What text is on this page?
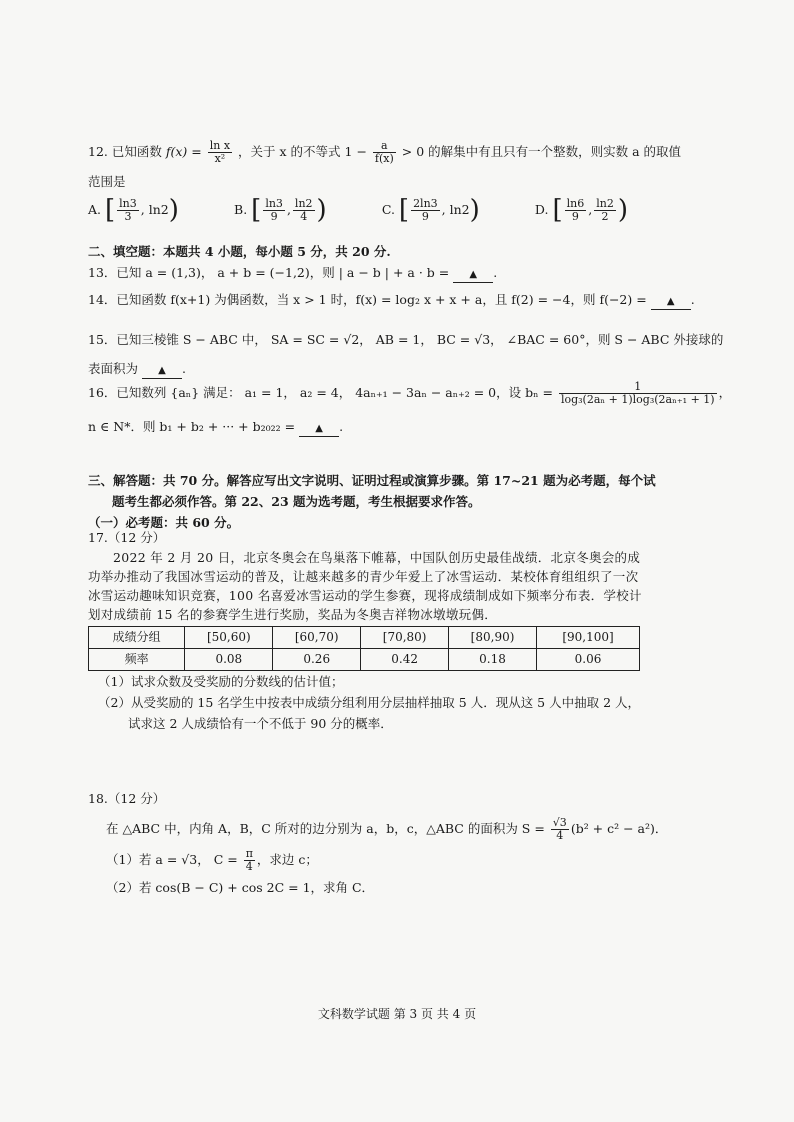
12. 已知函数 $f(x) = \frac{\text{ln x}}{\text{x²}}$ ，关于 x 的不等式 $1 - \frac{a}{f(x)} > 0$ 的解集中有且只有一个整数，则实数 a 的取值
范围是
A. [ $\frac{\ln 3}{3}$ , ln2)	B. [ $\frac{\ln 3}{9}$ , $\frac{\ln 2}{4}$ )	C. [ $\frac{2\ln 3}{9}$ , ln2)	D. [ $\frac{\ln 6}{9}$ , $\frac{\ln 2}{2}$ )
二、填空题：本题共 4 小题，每小题 5 分，共 20 分.
13．已知 a = (1,3)， a + b = (−1,2)，则 | a − b | + a · b = ▲ .
14．已知函数 f(x+1) 为偶函数，当 x > 1 时，f(x) = log₂ x + x + a，且 f(2) = −4，则 f(−2) = ▲ .
15．已知三棱锥 S − ABC 中， SA = SC = √2， AB = 1， BC = √3， ∠BAC = 60°，则 S − ABC 外接球的
表面积为 ▲ .
16．已知数列 {aₙ} 满足： a₁ = 1， a₂ = 4， 4aₙ₊₁ − 3aₙ − aₙ₊₂ = 0，设 $b_n = \frac{1}{\text{log₃(2aₙ + 1)log₃(2aₙ₊₁ + 1)}}$ ，
n ∈ N*．则 b₁ + b₂ + ··· + b₂₀₂₂ = ▲ .
三、解答题：共 70 分。解答应写出文字说明、证明过程或演算步骤。第 17~21 题为必考题，每个试
题考生都必须作答。第 22、23 题为选考题，考生根据要求作答。
（一）必考题：共 60 分。
17.（12 分）
2022 年 2 月 20 日，北京冬奥会在鸟巢落下帷幕，中国队创历史最佳战绩．北京冬奥会的成功举办推动了我国冰雪运动的普及，让越来越多的青少年爱上了冰雪运动．某校体育组组织了一次冰雪运动趣味知识竞赛，100 名喜爱冰雪运动的学生参赛，现将成绩制成如下频率分布表．学校计划对成绩前 15 名的参赛学生进行奖励，奖品为冬奥吉祥物冰墩墩玩偶．
成绩分组	[50,60)	[60,70)	[70,80)	[80,90)	[90,100]
频率	0.08	0.26	0.42	0.18	0.06
（1）试求众数及受奖励的分数线的估计值；
（2）从受奖励的 15 名学生中按表中成绩分组利用分层抽样抽取 5 人．现从这 5 人中抽取 2 人，
试求这 2 人成绩恰有一个不低于 90 分的概率．
18.（12 分）
在 △ABC 中，内角 A，B，C 所对的边分别为 a，b，c，△ABC 的面积为 $S = \frac{√3}{4} (b^2 + c^2 - a^2)$．
（1）若 a = √3， $C = \frac{\pi}{4}$ ，求边 c；
（2）若 cos(B − C) + cos 2C = 1，求角 C．
文科数学试题 第 3 页 共 4 页
